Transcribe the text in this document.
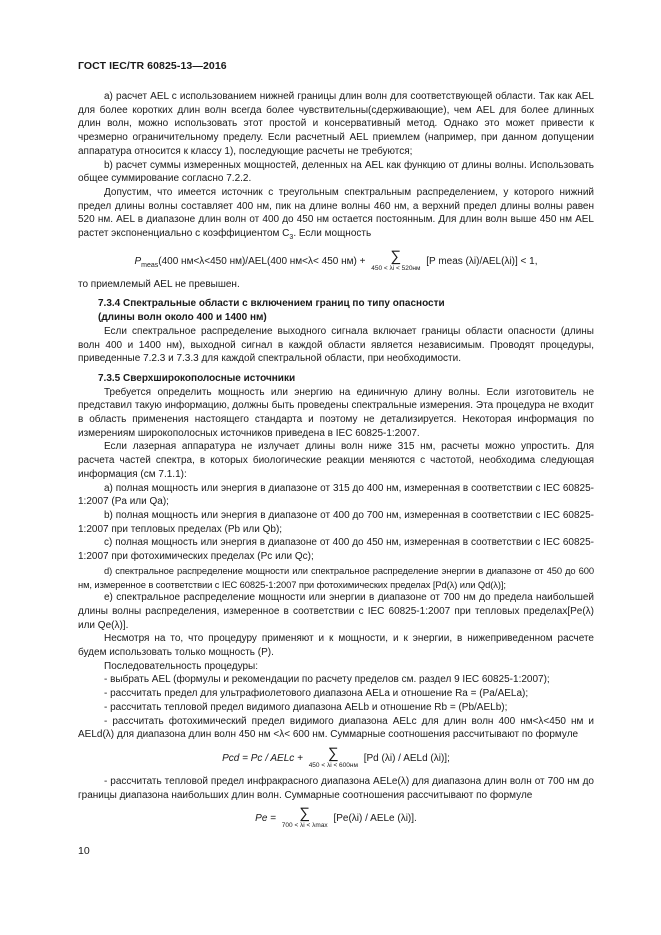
ГОСТ IEC/TR 60825-13—2016

а) расчет AEL с использованием нижней границы длин волн для соответствующей области. Так как AEL для более коротких длин волн всегда более чувствительны(сдерживающие), чем AEL для более длинных длин волн, можно использовать этот простой и консервативный метод. Однако это может привести к чрезмерно ограничительному пределу. Если расчетный AEL приемлем (например, при данном допущении аппаратура относится к классу 1), последующие расчеты не требуются;

b) расчет суммы измеренных мощностей, деленных на AEL как функцию от длины волны. Использовать общее суммирование согласно 7.2.2.

Допустим, что имеется источник с треугольным спектральным распределением, у которого нижний предел длины волны составляет 400 нм, пик на длине волны 460 нм, а верхний предел длины волны равен 520 нм. AEL в диапазоне длин волн от 400 до 450 нм остается постоянным. Для длин волн выше 450 нм AEL растет экспоненциально с коэффициентом $C_3$. Если мощность

$P_{meas}(400$ нм<λ<450 нм)/AEL(400 нм<λ< 450 нм) +	∑
450 < λi < 520нм
[P meas (λi)/AEL(λi)] < 1,

то приемлемый AEL не превышен.

7.3.4 Спектральные области с включением границ по типу опасности

(длины волн около 400 и 1400 нм)

Если спектральное распределение выходного сигнала включает границы области опасности (длины волн 400 и 1400 нм), выходной сигнал в каждой области является независимым. Проводят процедуры, приведенные 7.2.3 и 7.3.3 для каждой спектральной области, при необходимости.

7.3.5 Сверхширокополосные источники

Требуется определить мощность или энергию на единичную длину волны. Если изготовитель не представил такую информацию, должны быть проведены спектральные измерения. Эта процедура не входит в область применения настоящего стандарта и поэтому не детализируется. Некоторая информация по измерениям широкополосных источников приведена в IEC 60825-1:2007.

Если лазерная аппаратура не излучает длины волн ниже 315 нм, расчеты можно упростить. Для расчета частей спектра, в которых биологические реакции меняются с частотой, необходима следующая информация (см 7.1.1):

а) полная мощность или энергия в диапазоне от 315 до 400 нм, измеренная в соответствии с IEC 60825-1:2007 (Pa или Qa);

b) полная мощность или энергия в диапазоне от 400 до 700 нм, измеренная в соответствии с IEC 60825-1:2007 при тепловых пределах (Pb или Qb);

с) полная мощность или энергия в диапазоне от 400 до 450 нм, измеренная в соответствии с IEC 60825-1:2007 при фотохимических пределах (Pc или Qc);

d) спектральное распределение мощности или спектральное распределение энергии в диапазоне от 450 до 600 нм, измеренное в соответствии с IEC 60825-1:2007 при фотохимических пределах [Pd(λ) или Qd(λ)];

е) спектральное распределение мощности или энергии в диапазоне от 700 нм до предела наибольшей длины волны распределения, измеренное в соответствии с IEC 60825-1:2007 при тепловых пределах[Pe(λ) или Qe(λ)].

Несмотря на то, что процедуру применяют и к мощности, и к энергии, в нижеприведенном расчете будем использовать только мощность (P).

Последовательность процедуры:

- выбрать AEL (формулы и рекомендации по расчету пределов см. раздел 9 IEC 60825-1:2007);

- рассчитать предел для ультрафиолетового диапазона AELa и отношение Ra = (Pa/AELa);

- рассчитать тепловой предел видимого диапазона AELb и отношение Rb = (Pb/AELb);

- рассчитать фотохимический предел видимого диапазона AELc для длин волн 400 нм<λ<450 нм и AELd(λ) для диапазона длин волн 450 нм <λ< 600 нм. Суммарные соотношения рассчитывают по формуле

Pcd = Pc / AELc +	∑
450 < λi < 600нм
[Pd (λi) / AELd (λi)];

- рассчитать тепловой предел инфракрасного диапазона AELe(λ) для диапазона длин волн от 700 нм до границы диапазона наибольших длин волн. Суммарные соотношения рассчитывают по формуле

Pe =	∑
700 < λi < λmax
[Pe(λi) / AELe (λi)].
10
